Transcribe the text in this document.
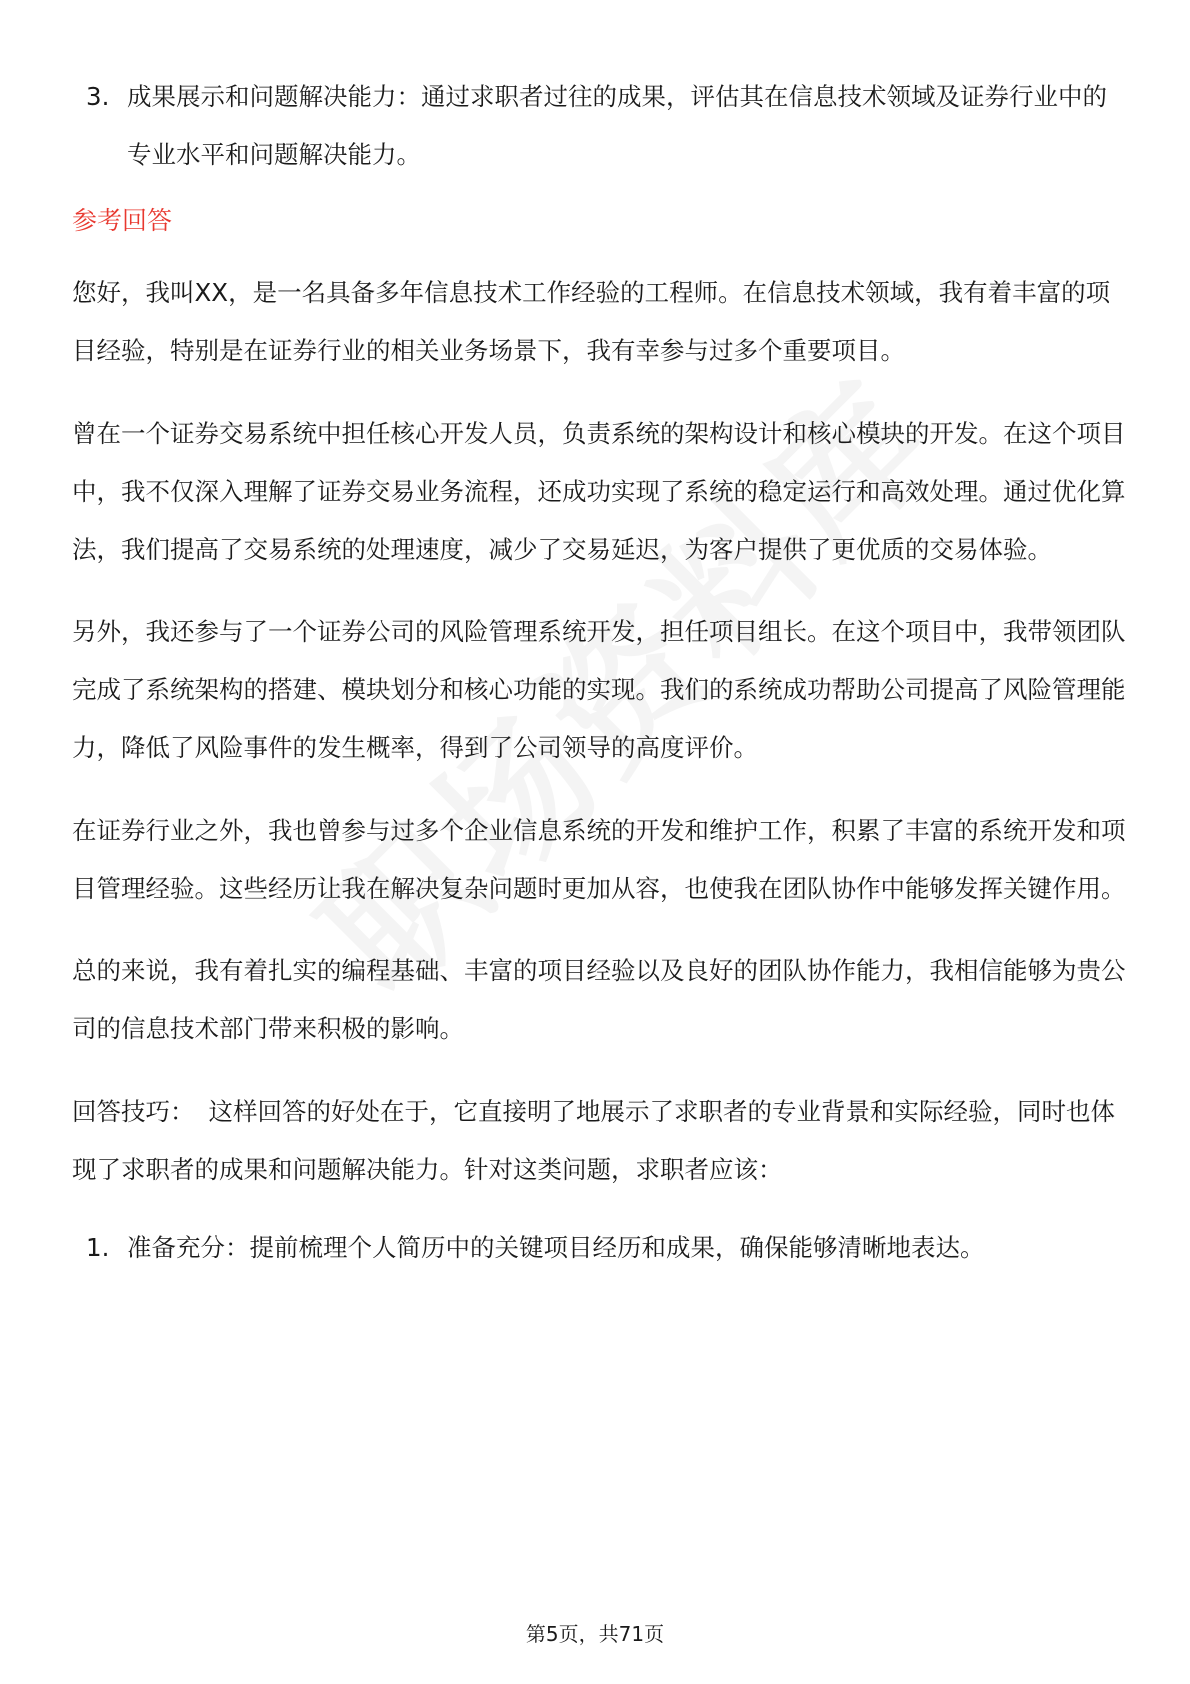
3. 成果展示和问题解决能力：通过求职者过往的成果，评估其在信息技术领域及证券行业中的专业水平和问题解决能力。
参考回答

您好，我叫XX，是一名具备多年信息技术工作经验的工程师。在信息技术领域，我有着丰富的项目经验，特别是在证券行业的相关业务场景下，我有幸参与过多个重要项目。

曾在一个证券交易系统中担任核心开发人员，负责系统的架构设计和核心模块的开发。在这个项目中，我不仅深入理解了证券交易业务流程，还成功实现了系统的稳定运行和高效处理。通过优化算法，我们提高了交易系统的处理速度，减少了交易延迟，为客户提供了更优质的交易体验。

另外，我还参与了一个证券公司的风险管理系统开发，担任项目组长。在这个项目中，我带领团队完成了系统架构的搭建、模块划分和核心功能的实现。我们的系统成功帮助公司提高了风险管理能力，降低了风险事件的发生概率，得到了公司领导的高度评价。

在证券行业之外，我也曾参与过多个企业信息系统的开发和维护工作，积累了丰富的系统开发和项目管理经验。这些经历让我在解决复杂问题时更加从容，也使我在团队协作中能够发挥关键作用。

总的来说，我有着扎实的编程基础、丰富的项目经验以及良好的团队协作能力，我相信能够为贵公司的信息技术部门带来积极的影响。

回答技巧： 这样回答的好处在于，它直接明了地展示了求职者的专业背景和实际经验，同时也体现了求职者的成果和问题解决能力。针对这类问题，求职者应该：

1. 准备充分：提前梳理个人简历中的关键项目经历和成果，确保能够清晰地表达。
第5页，共71页
